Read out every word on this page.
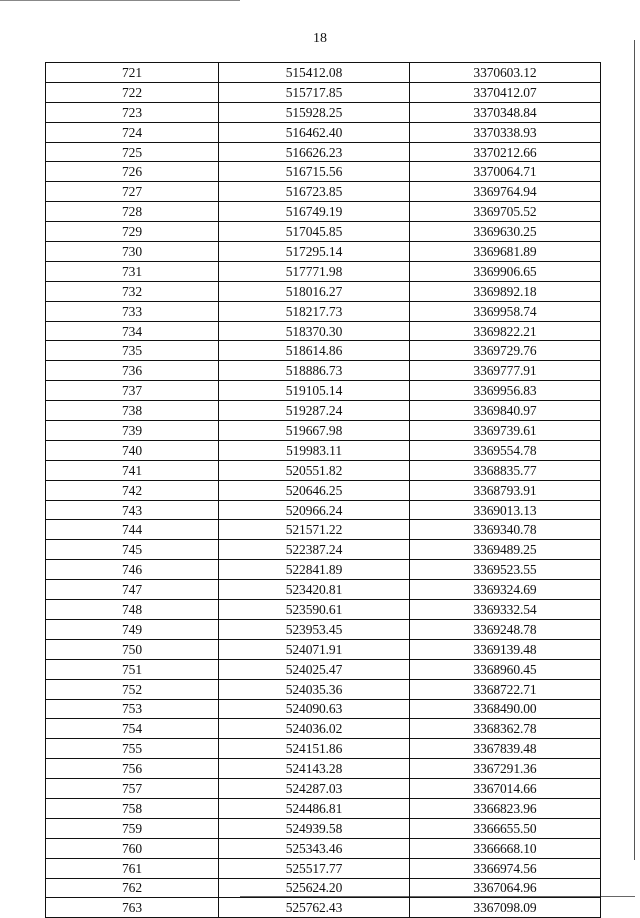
18
721	515412.08	3370603.12
722	515717.85	3370412.07
723	515928.25	3370348.84
724	516462.40	3370338.93
725	516626.23	3370212.66
726	516715.56	3370064.71
727	516723.85	3369764.94
728	516749.19	3369705.52
729	517045.85	3369630.25
730	517295.14	3369681.89
731	517771.98	3369906.65
732	518016.27	3369892.18
733	518217.73	3369958.74
734	518370.30	3369822.21
735	518614.86	3369729.76
736	518886.73	3369777.91
737	519105.14	3369956.83
738	519287.24	3369840.97
739	519667.98	3369739.61
740	519983.11	3369554.78
741	520551.82	3368835.77
742	520646.25	3368793.91
743	520966.24	3369013.13
744	521571.22	3369340.78
745	522387.24	3369489.25
746	522841.89	3369523.55
747	523420.81	3369324.69
748	523590.61	3369332.54
749	523953.45	3369248.78
750	524071.91	3369139.48
751	524025.47	3368960.45
752	524035.36	3368722.71
753	524090.63	3368490.00
754	524036.02	3368362.78
755	524151.86	3367839.48
756	524143.28	3367291.36
757	524287.03	3367014.66
758	524486.81	3366823.96
759	524939.58	3366655.50
760	525343.46	3366668.10
761	525517.77	3366974.56
762	525624.20	3367064.96
763	525762.43	3367098.09
